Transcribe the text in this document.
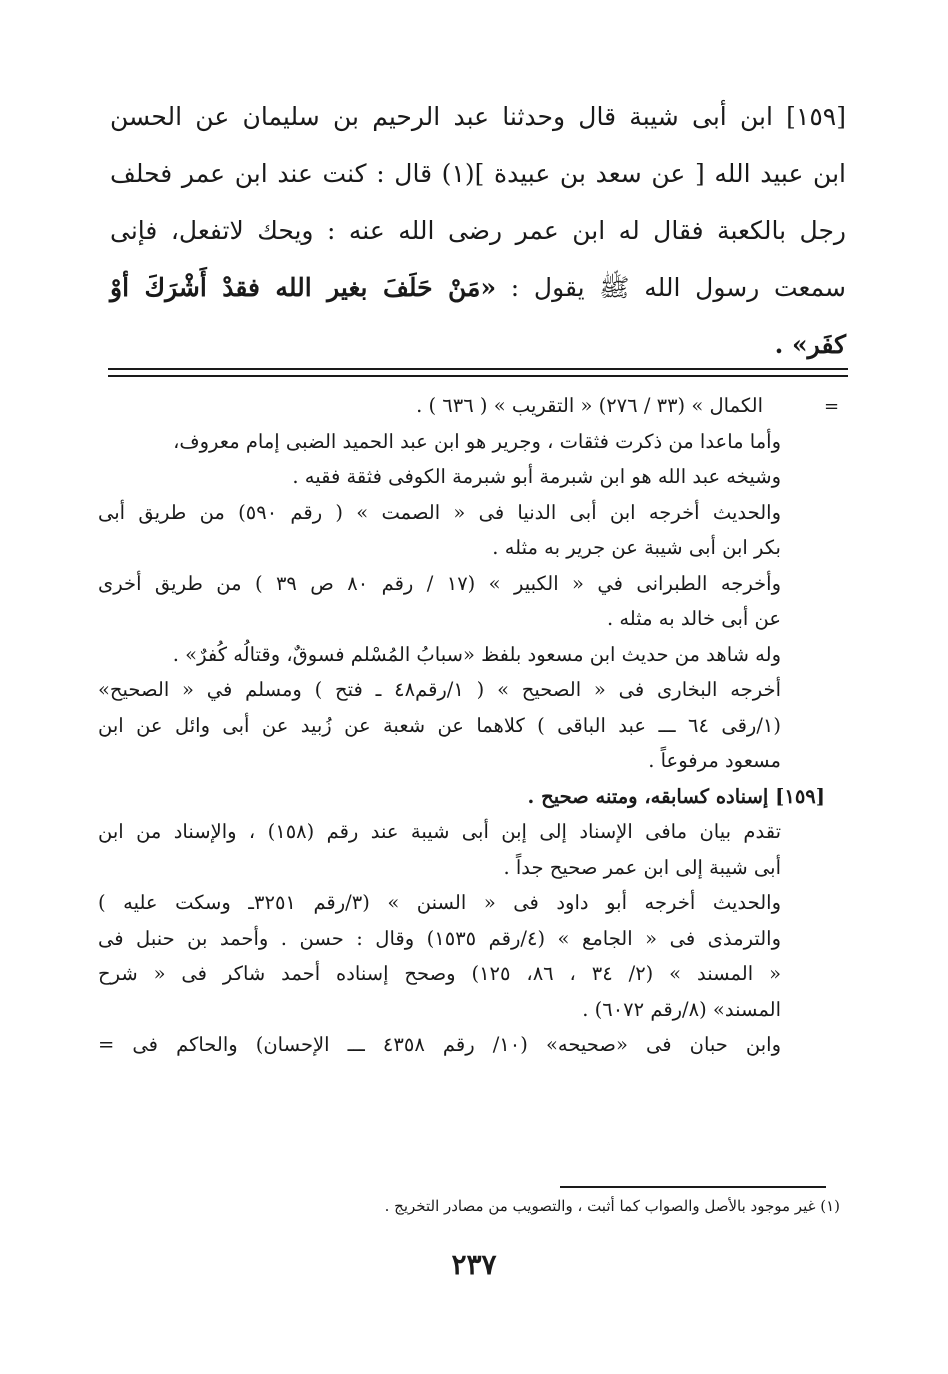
[١٥٩] ابن أبى شيبة قال وحدثنا عبد الرحيم بن سليمان عن الحسن
ابن عبيد الله [ عن سعد بن عبيدة ](١) قال : كنت عند ابن عمر فحلف
رجل بالكعبة فقال له ابن عمر رضى الله عنه : ويحك لاتفعل، فإنى
سمعت رسول الله ﷺ يقول : «مَنْ حَلَفَ بغير الله فقدْ أَشْرَكَ أوْ
كفَر» .
=
الكمال » (٣٣ / ٢٧٦) « التقريب » ( ٦٣٦ ) .
وأما ماعدا من ذكرت فثقات ، وجرير هو ابن عبد الحميد الضبى إمام معروف،
وشيخه عبد الله هو ابن شبرمة أبو شبرمة الكوفى فثقة فقيه .
والحديث أخرجه ابن أبى الدنيا فى « الصمت » ( رقم ٥٩٠) من طريق أبى
بكر ابن أبى شيبة عن جرير به مثله .
وأخرجه الطبرانى في « الكبير » (١٧ / رقم ٨٠ ص ٣٩ ) من طريق أخرى
عن أبى خالد به مثله .
وله شاهد من حديث ابن مسعود بلفظ «سبابُ المُسْلم فسوقٌ، وقتالُه كُفرٌ» .
أخرجه البخارى فى « الصحيح » ( ١/رقم٤٨ ـ فتح ) ومسلم في « الصحيح»
(١/رقى ٦٤ ـــ عبد الباقى ) كلاهما عن شعبة عن زُبيد عن أبى وائل عن ابن
مسعود مرفوعاً .
[١٥٩] إسناده كسابقه، ومتنه صحيح .
تقدم بيان مافى الإسناد إلى إبن أبى شيبة عند رقم (١٥٨) ، والإسناد من ابن
أبى شيبة إلى ابن عمر صحيح جداً .
والحديث أخرجه أبو داود فى « السنن » (٣/رقم ٣٢٥١ـ وسكت عليه )
والترمذى فى « الجامع » (٤/رقم ١٥٣٥) وقال : حسن . وأحمد بن حنبل فى
« المسند » (٢/ ٣٤ ، ٨٦، ١٢٥) وصحح إسناده أحمد شاكر فى « شرح
المسند» (٨/رقم ٦٠٧٢) .
وابن حبان فى «صحيحه» (١٠/ رقم ٤٣٥٨ ـــ الإحسان) والحاكم فى =
(١) غير موجود بالأصل والصواب كما أثبت ، والتصويب من مصادر التخريج .
٢٣٧
